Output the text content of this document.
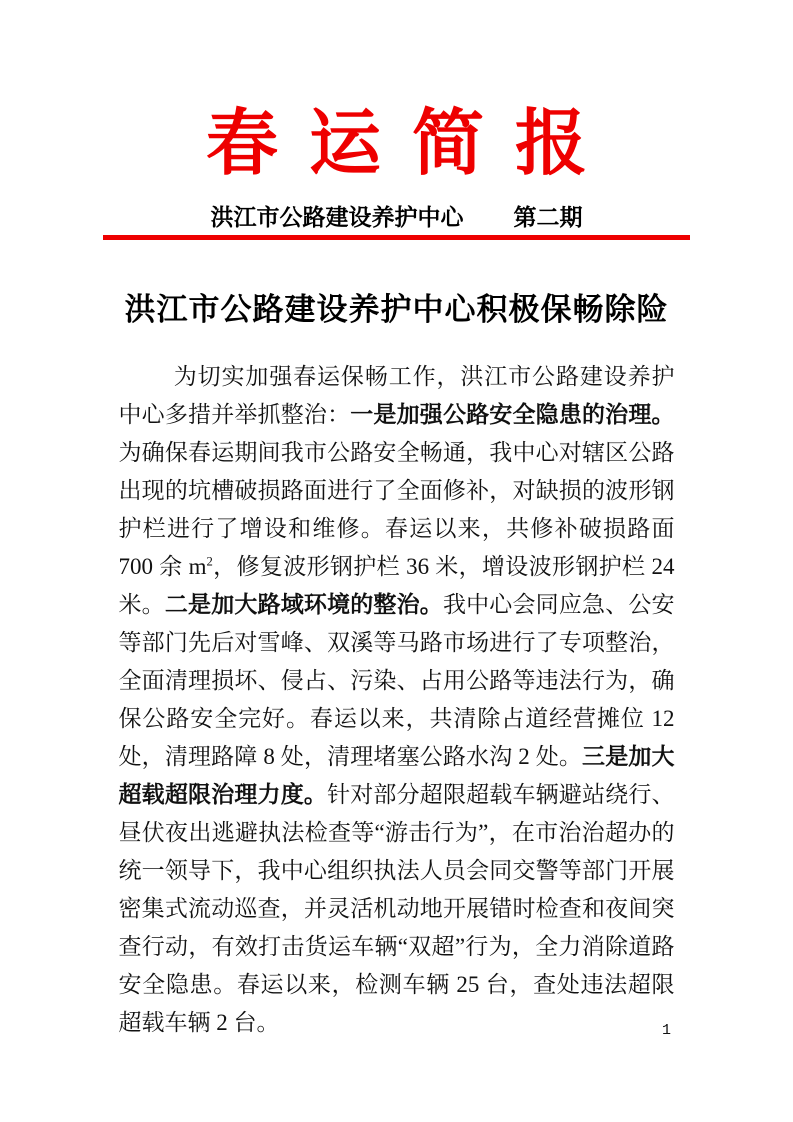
春 运 简 报
洪江市公路建设养护中心 第二期
洪江市公路建设养护中心积极保畅除险

为切实加强春运保畅工作，洪江市公路建设养护中心多措并举抓整治：一是加强公路安全隐患的治理。为确保春运期间我市公路安全畅通，我中心对辖区公路出现的坑槽破损路面进行了全面修补，对缺损的波形钢护栏进行了增设和维修。春运以来，共修补破损路面 700 余 $m^2$，修复波形钢护栏 36 米，增设波形钢护栏 24 米。二是加大路域环境的整治。我中心会同应急、公安等部门先后对雪峰、双溪等马路市场进行了专项整治，全面清理损坏、侵占、污染、占用公路等违法行为，确保公路安全完好。春运以来，共清除占道经营摊位 12 处，清理路障 8 处，清理堵塞公路水沟 2 处。三是加大超载超限治理力度。针对部分超限超载车辆避站绕行、昼伏夜出逃避执法检查等“游击行为”，在市治治超办的统一领导下，我中心组织执法人员会同交警等部门开展密集式流动巡查，并灵活机动地开展错时检查和夜间突查行动，有效打击货运车辆“双超”行为，全力消除道路安全隐患。春运以来，检测车辆 25 台，查处违法超限超载车辆 2 台。	1
